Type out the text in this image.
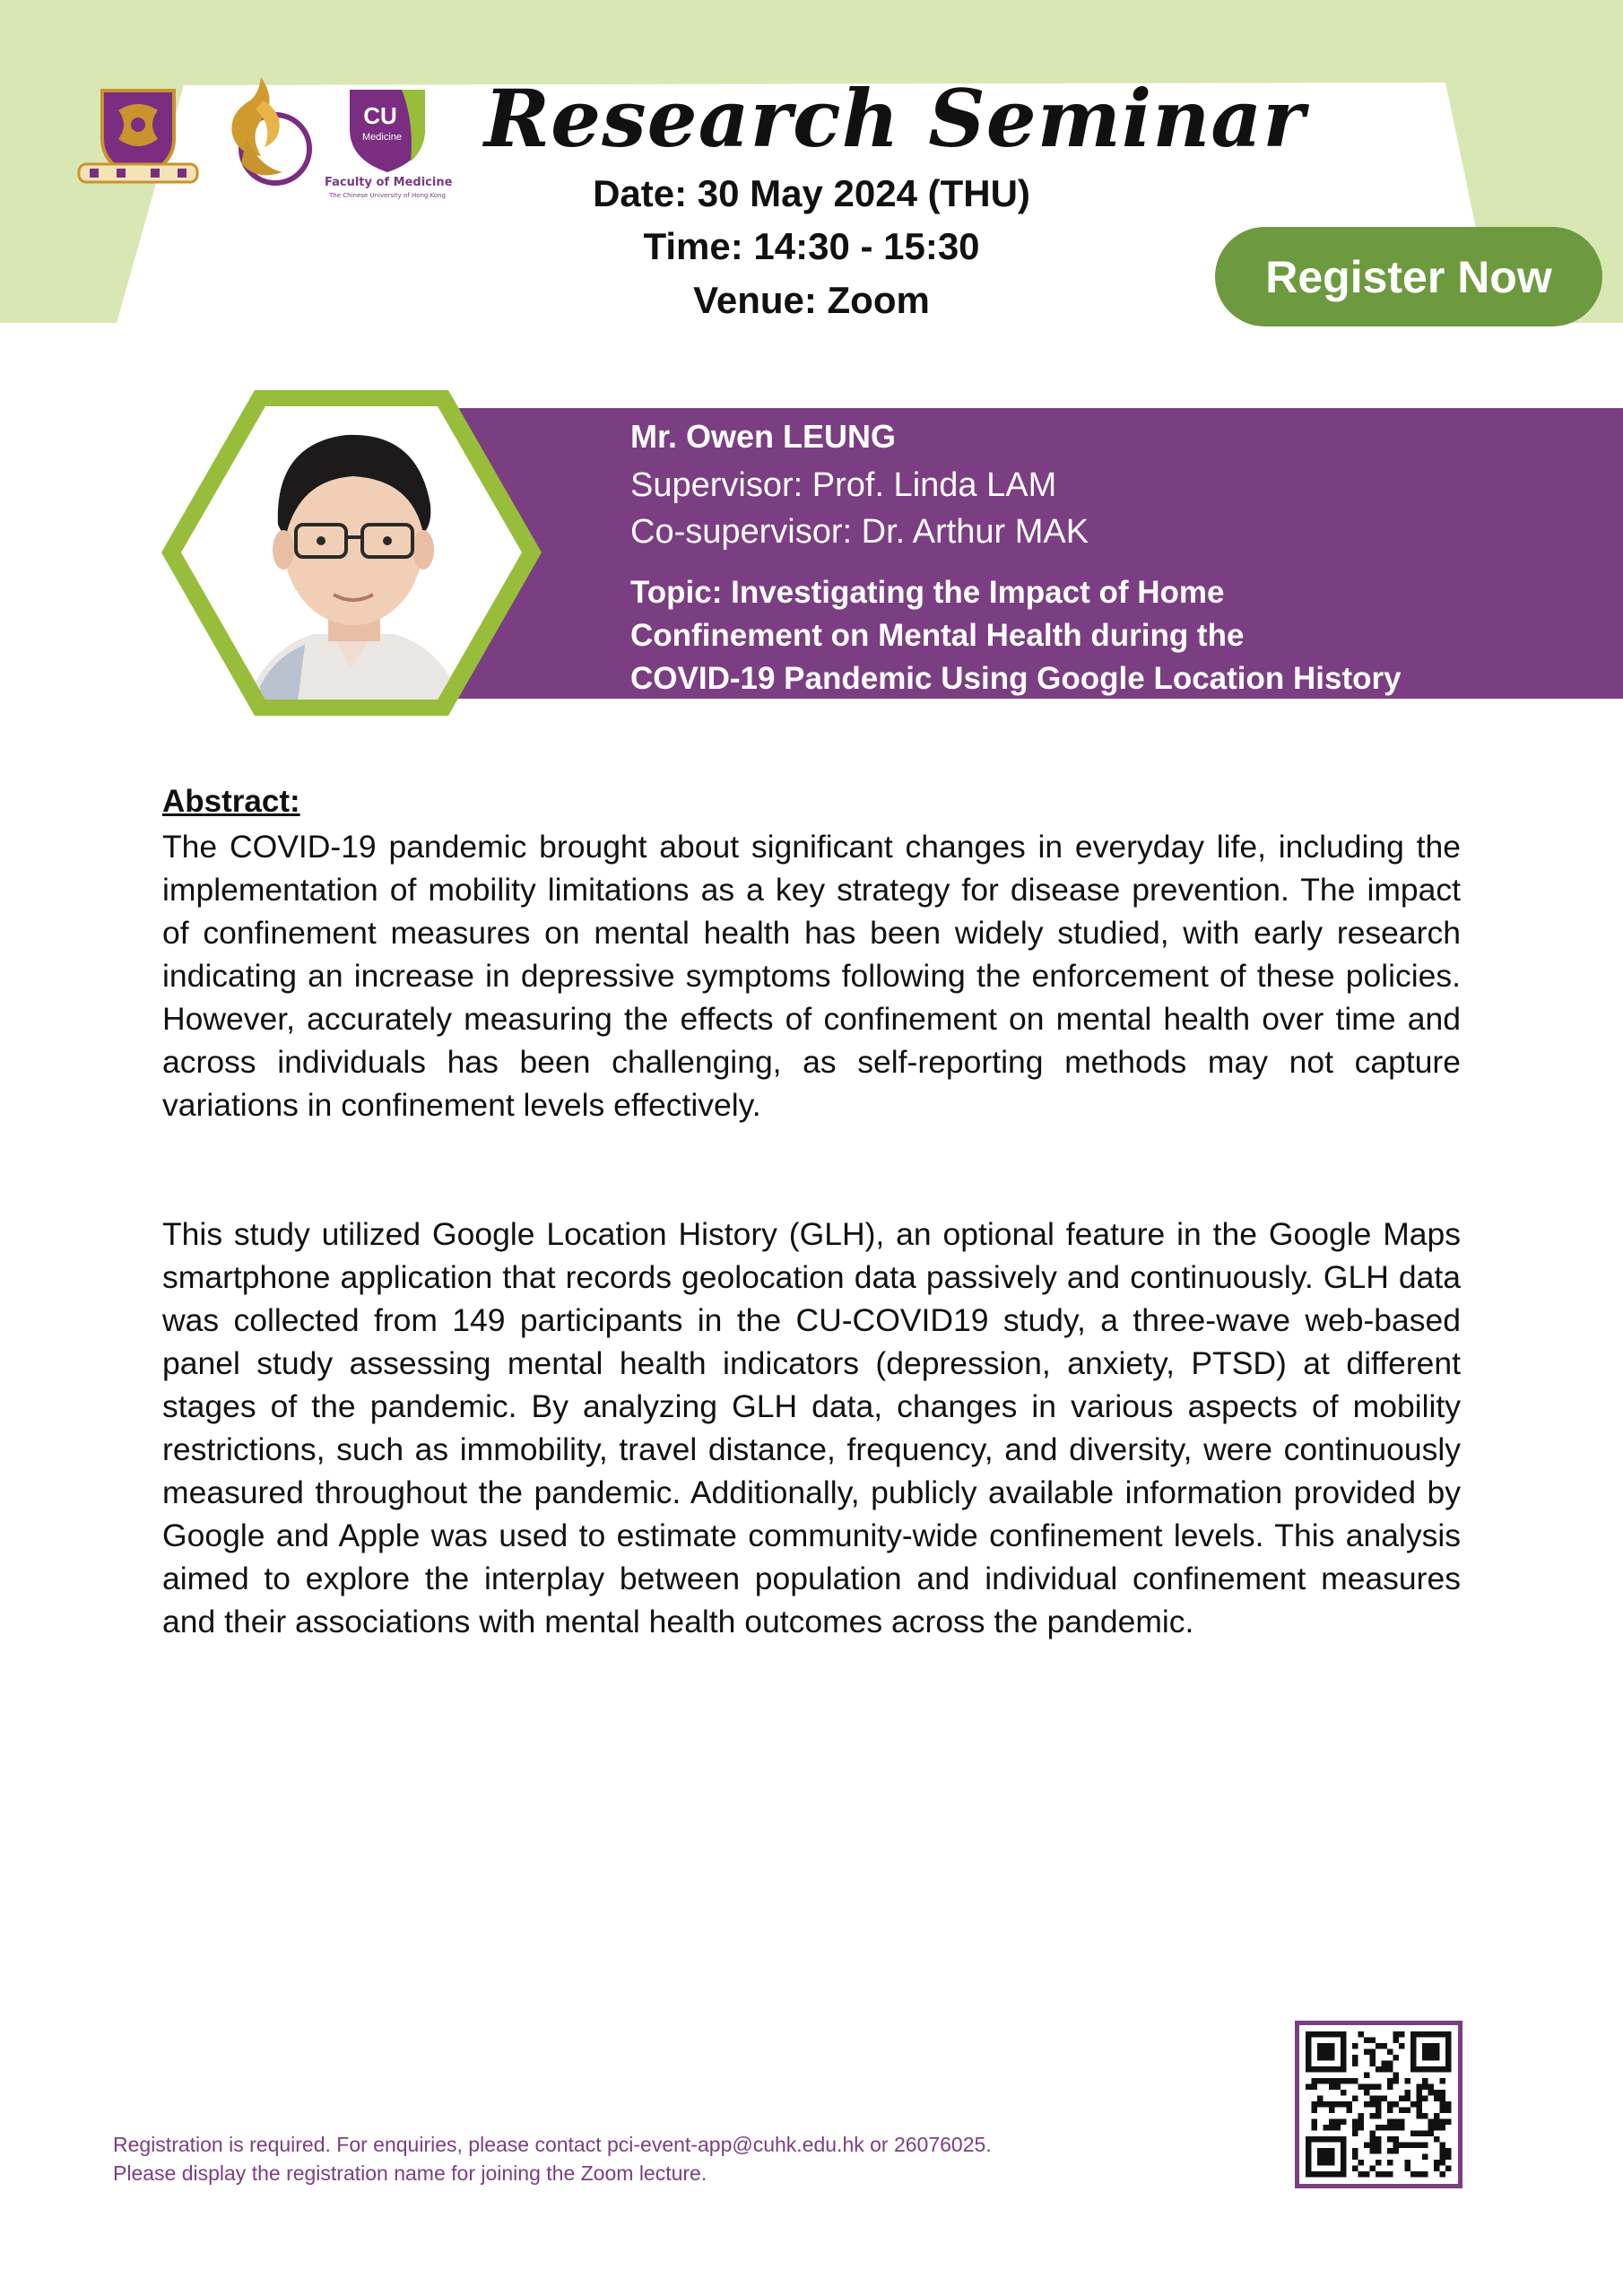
CU
Medicine
Faculty of Medicine
The Chinese University of Hong Kong
Research Seminar
Date: 30 May 2024 (THU)
Time: 14:30 - 15:30
Venue: Zoom	Register Now
Mr. Owen LEUNG
Supervisor: Prof. Linda LAM
Co-supervisor: Dr. Arthur MAK
Topic: Investigating the Impact of Home
Confinement on Mental Health during the
COVID-19 Pandemic Using Google Location History
Abstract:
The COVID-19 pandemic brought about significant changes in everyday life, including the implementation of mobility limitations as a key strategy for disease prevention. The impact of confinement measures on mental health has been widely studied, with early research indicating an increase in depressive symptoms following the enforcement of these policies. However, accurately measuring the effects of confinement on mental health over time and across individuals has been challenging, as self-reporting methods may not capture variations in confinement levels effectively.
This study utilized Google Location History (GLH), an optional feature in the Google Maps smartphone application that records geolocation data passively and continuously. GLH data was collected from 149 participants in the CU-COVID19 study, a three-wave web-based panel study assessing mental health indicators (depression, anxiety, PTSD) at different stages of the pandemic. By analyzing GLH data, changes in various aspects of mobility restrictions, such as immobility, travel distance, frequency, and diversity, were continuously measured throughout the pandemic. Additionally, publicly available information provided by Google and Apple was used to estimate community-wide confinement levels. This analysis aimed to explore the interplay between population and individual confinement measures and their associations with mental health outcomes across the pandemic.
Registration is required. For enquiries, please contact pci-event-app@cuhk.edu.hk or 26076025.
Please display the registration name for joining the Zoom lecture.
